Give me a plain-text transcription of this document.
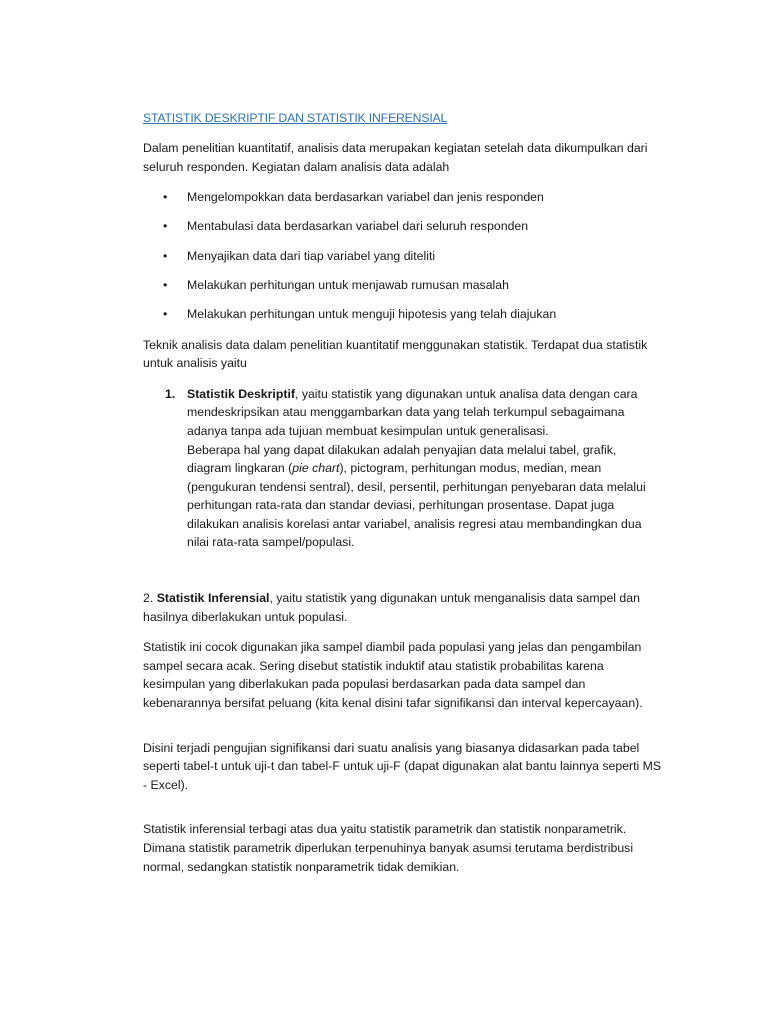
STATISTIK DESKRIPTIF DAN STATISTIK INFERENSIAL

Dalam penelitian kuantitatif, analisis data merupakan kegiatan setelah data dikumpulkan dari seluruh responden. Kegiatan dalam analisis data adalah

• Mengelompokkan data berdasarkan variabel dan jenis responden
• Mentabulasi data berdasarkan variabel dari seluruh responden
• Menyajikan data dari tiap variabel yang diteliti
• Melakukan perhitungan untuk menjawab rumusan masalah
• Melakukan perhitungan untuk menguji hipotesis yang telah diajukan

Teknik analisis data dalam penelitian kuantitatif menggunakan statistik. Terdapat dua statistik untuk analisis yaitu

1. Statistik Deskriptif, yaitu statistik yang digunakan untuk analisa data dengan cara mendeskripsikan atau menggambarkan data yang telah terkumpul sebagaimana adanya tanpa ada tujuan membuat kesimpulan untuk generalisasi.

Beberapa hal yang dapat dilakukan adalah penyajian data melalui tabel, grafik, diagram lingkaran (pie chart), pictogram, perhitungan modus, median, mean (pengukuran tendensi sentral), desil, persentil, perhitungan penyebaran data melalui perhitungan rata-rata dan standar deviasi, perhitungan prosentase. Dapat juga dilakukan analisis korelasi antar variabel, analisis regresi atau membandingkan dua nilai rata-rata sampel/populasi.

2. Statistik Inferensial, yaitu statistik yang digunakan untuk menganalisis data sampel dan hasilnya diberlakukan untuk populasi.

Statistik ini cocok digunakan jika sampel diambil pada populasi yang jelas dan pengambilan sampel secara acak. Sering disebut statistik induktif atau statistik probabilitas karena kesimpulan yang diberlakukan pada populasi berdasarkan pada data sampel dan kebenarannya bersifat peluang (kita kenal disini tafar signifikansi dan interval kepercayaan).

Disini terjadi pengujian signifikansi dari suatu analisis yang biasanya didasarkan pada tabel seperti tabel-t untuk uji-t dan tabel-F untuk uji-F (dapat digunakan alat bantu lainnya seperti MS - Excel).

Statistik inferensial terbagi atas dua yaitu statistik parametrik dan statistik nonparametrik. Dimana statistik parametrik diperlukan terpenuhinya banyak asumsi terutama berdistribusi normal, sedangkan statistik nonparametrik tidak demikian.
